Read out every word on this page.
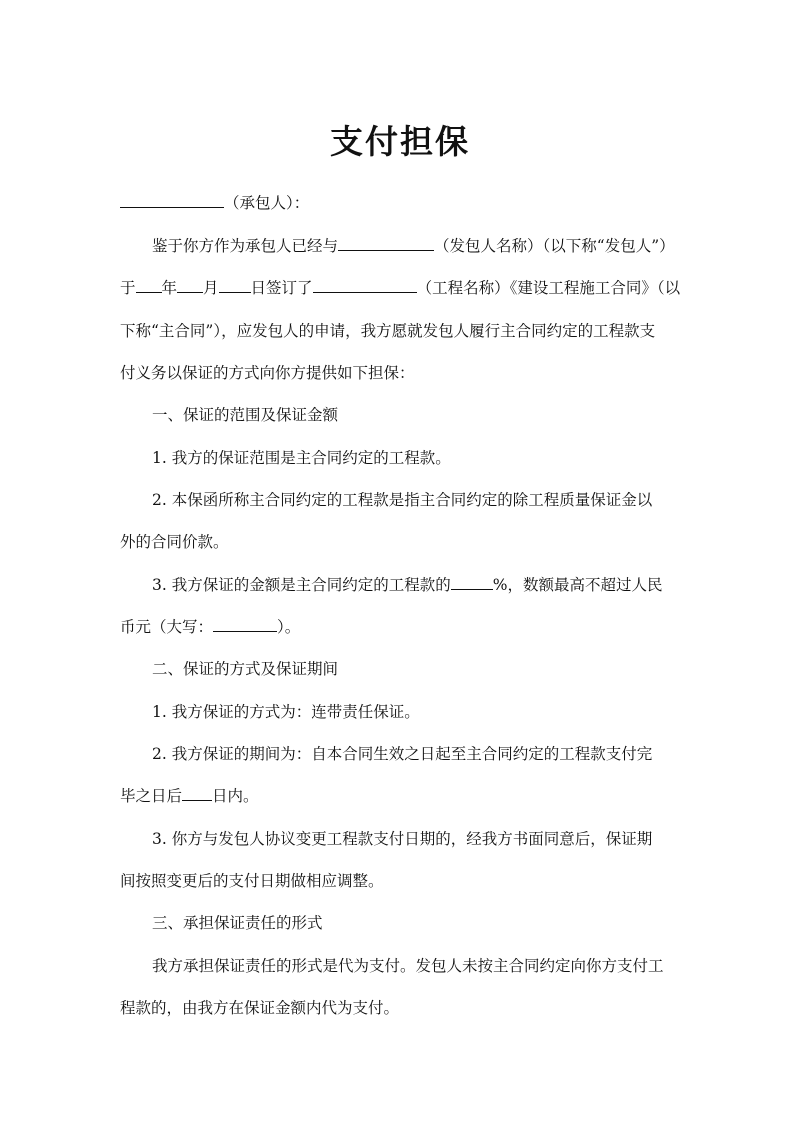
支付担保
（承包人）：
鉴于你方作为承包人已经与	（发包人名称）（以下称“发包人”）
于 年 月 日签订了	（工程名称）《建设工程施工合同》（以
下称“主合同”），应发包人的申请，我方愿就发包人履行主合同约定的工程款支
付义务以保证的方式向你方提供如下担保：
一、保证的范围及保证金额
1. 我方的保证范围是主合同约定的工程款。
2. 本保函所称主合同约定的工程款是指主合同约定的除工程质量保证金以
外的合同价款。
3. 我方保证的金额是主合同约定的工程款的	%，数额最高不超过人民
币元（大写：	）。
二、保证的方式及保证期间
1. 我方保证的方式为：连带责任保证。
2. 我方保证的期间为：自本合同生效之日起至主合同约定的工程款支付完
毕之日后 日内。
3. 你方与发包人协议变更工程款支付日期的，经我方书面同意后，保证期
间按照变更后的支付日期做相应调整。
三、承担保证责任的形式
我方承担保证责任的形式是代为支付。发包人未按主合同约定向你方支付工
程款的，由我方在保证金额内代为支付。
